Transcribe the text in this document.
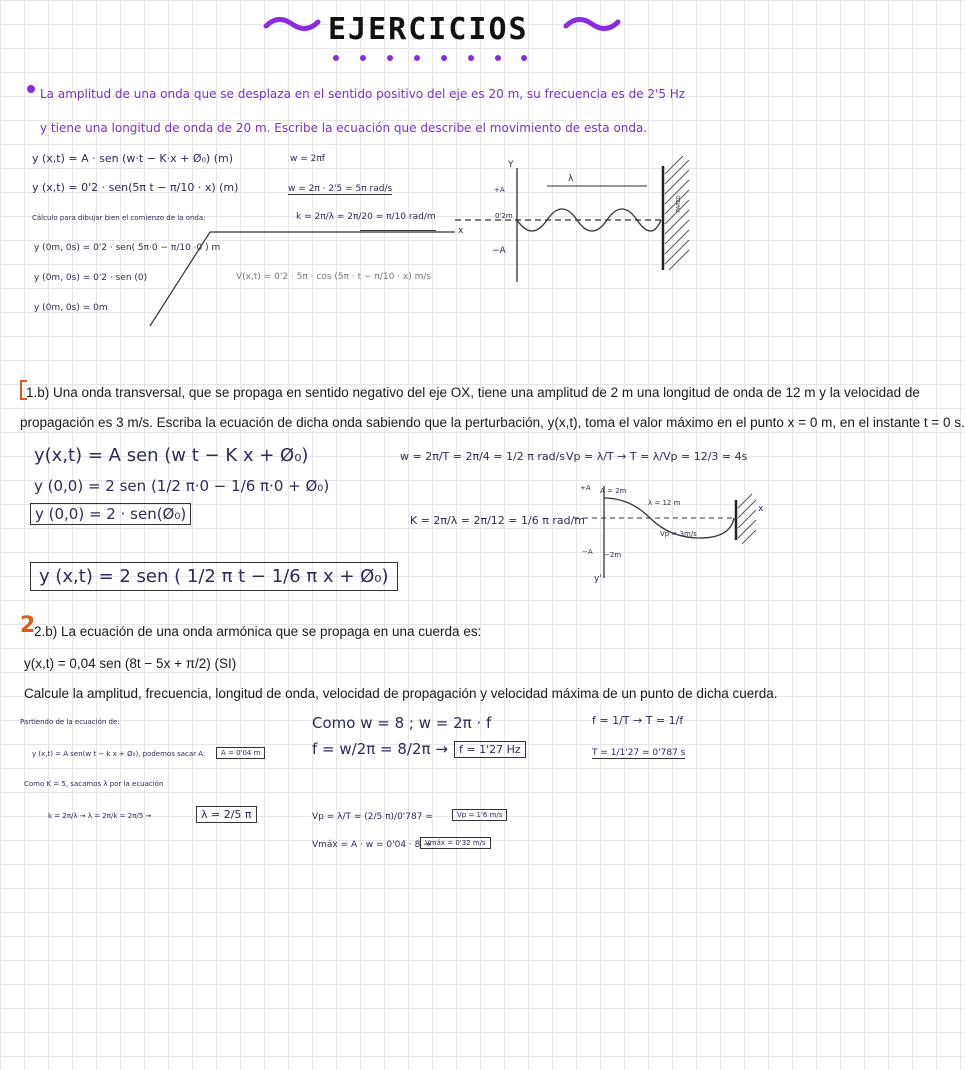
EJERCICIOS
La amplitud de una onda que se desplaza en el sentido positivo del eje es 20 m, su frecuencia es de 2'5 Hz
y tiene una longitud de onda de 20 m. Escribe la ecuación que describe el movimiento de esta onda.
y (x,t) = A · sen (w·t − K·x + Ø₀) (m)	w = 2πf
y (x,t) = 0'2 · sen(5π t − π/10 · x) (m)	w = 2π · 2'5 = 5π rad/s
Cálculo para dibujar bien el comienzo de la onda:	k = 2π/λ = 2π/20 = π/10 rad/m
y (0m, 0s) = 0'2 · sen( 5π·0 − π/10 ·0 ) m
y (0m, 0s) = 0'2 · sen (0)
y (0m, 0s) = 0m
V(x,t) = 0'2 · 5π · cos (5π · t − π/10 · x) m/s
Y
+A
0'2m
λ
−A
x
PARED
1.b) Una onda transversal, que se propaga en sentido negativo del eje OX, tiene una amplitud de 2 m una longitud de onda de 12 m y la velocidad de
propagación es 3 m/s. Escriba la ecuación de dicha onda sabiendo que la perturbación, y(x,t), toma el valor máximo en el punto x = 0 m, en el instante t = 0 s.
y(x,t) = A sen (w t − K x + Ø₀)
y (0,0) = 2 sen (1/2 π·0 − 1/6 π·0 + Ø₀)
y (0,0) = 2 · sen(Ø₀)
y (x,t) = 2 sen ( 1/2 π t − 1/6 π x + Ø₀)
w = 2π/T = 2π/4 = 1/2 π rad/s Vp = λ/T → T = λ/Vp = 12/3 = 4s
K = 2π/λ = 2π/12 = 1/6 π rad/m
+A A = 2m
λ = 12 m
Vp = 3m/s
−A −2m
y'
x
2
2.b) La ecuación de una onda armónica que se propaga en una cuerda es:
y(x,t) = 0,04 sen (8t − 5x + π/2) (SI)
Calcule la amplitud, frecuencia, longitud de onda, velocidad de propagación y velocidad máxima de un punto de dicha cuerda.
Partiendo de la ecuación de:
y (x,t) = A sen(w t − k x + Ø₀), podemos sacar A:	A = 0'04 m
Como K = 5, sacamos λ por la ecuación
k = 2π/λ → λ = 2π/k = 2π/5 →	λ = 2/5 π
Como w = 8 ; w = 2π · f
f = w/2π = 8/2π →	f = 1'27 Hz
f = 1/T → T = 1/f
T = 1/1'27 = 0'787 s
Vp = λ/T = (2/5 π)/0'787 =	Vp = 1'6 m/s
Vmáx = A · w = 0'04 · 8 →
Vmáx = 0'32 m/s
